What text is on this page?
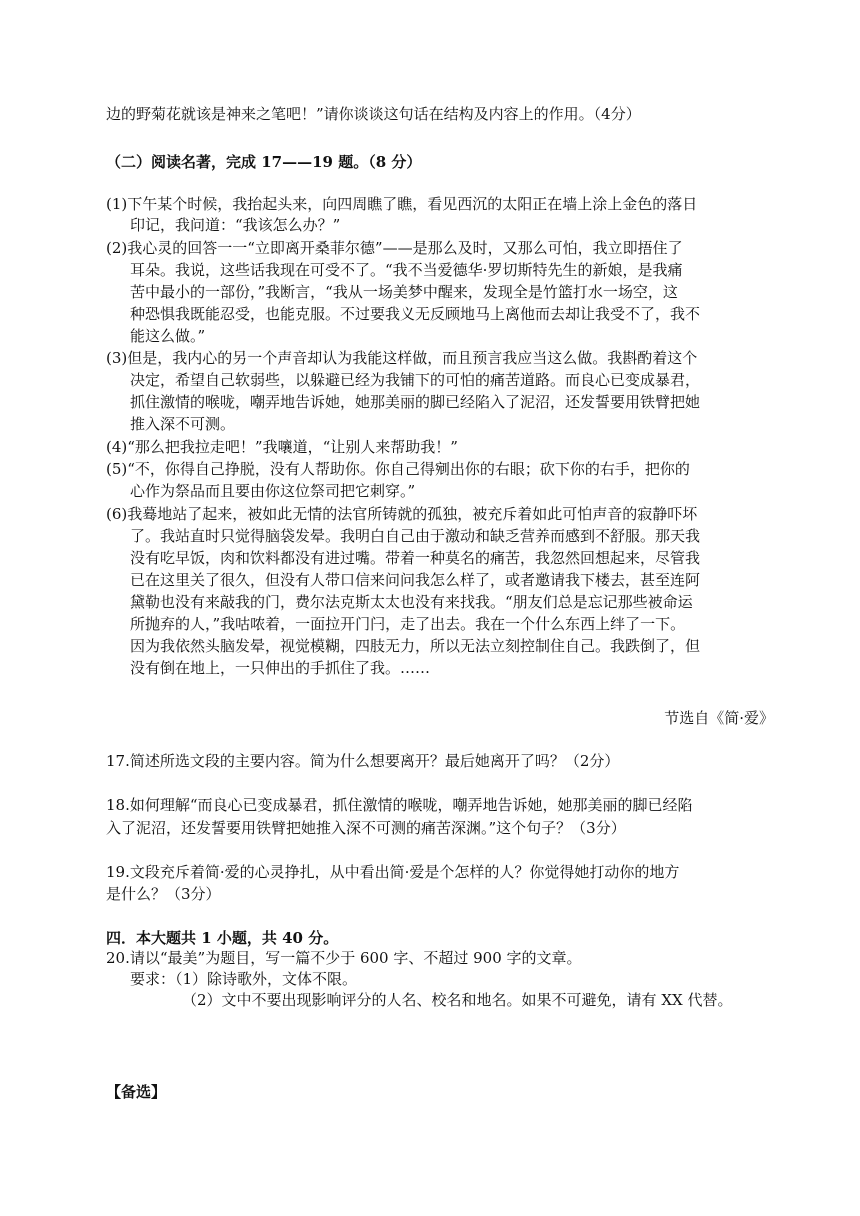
边的野菊花就该是神来之笔吧！”请你谈谈这句话在结构及内容上的作用。（4分）
（二）阅读名著，完成 17——19 题。（8 分）
(1)下午某个时候，我抬起头来，向四周瞧了瞧，看见西沉的太阳正在墙上涂上金色的落日
印记，我问道：“我该怎么办？”
(2)我心灵的回答一一“立即离开桑菲尔德”——是那么及时，又那么可怕，我立即捂住了
耳朵。我说，这些话我现在可受不了。“我不当爱德华·罗切斯特先生的新娘，是我痛
苦中最小的一部份，”我断言，“我从一场美梦中醒来，发现全是竹篮打水一场空，这
种恐惧我既能忍受，也能克服。不过要我义无反顾地马上离他而去却让我受不了，我不
能这么做。”
(3)但是，我内心的另一个声音却认为我能这样做，而且预言我应当这么做。我斟酌着这个
决定，希望自己软弱些，以躲避已经为我铺下的可怕的痛苦道路。而良心已变成暴君，
抓住激情的喉咙，嘲弄地告诉她，她那美丽的脚已经陷入了泥沼，还发誓要用铁臂把她
推入深不可测。
(4)“那么把我拉走吧！”我嚷道，“让别人来帮助我！”
(5)“不，你得自己挣脱，没有人帮助你。你自己得剜出你的右眼；砍下你的右手，把你的
心作为祭品而且要由你这位祭司把它刺穿。”
(6)我蓦地站了起来，被如此无情的法官所铸就的孤独，被充斥着如此可怕声音的寂静吓坏
了。我站直时只觉得脑袋发晕。我明白自己由于激动和缺乏营养而感到不舒服。那天我
没有吃早饭，肉和饮料都没有进过嘴。带着一种莫名的痛苦，我忽然回想起来，尽管我
已在这里关了很久，但没有人带口信来问问我怎么样了，或者邀请我下楼去，甚至连阿
黛勒也没有来敲我的门，费尔法克斯太太也没有来找我。“朋友们总是忘记那些被命运
所抛弃的人，”我咕哝着，一面拉开门闩，走了出去。我在一个什么东西上绊了一下。
因为我依然头脑发晕，视觉模糊，四肢无力，所以无法立刻控制住自己。我跌倒了，但
没有倒在地上，一只伸出的手抓住了我。……
节选自《简·爱》
17.简述所选文段的主要内容。简为什么想要离开？最后她离开了吗？（2分）
18.如何理解“而良心已变成暴君，抓住激情的喉咙，嘲弄地告诉她，她那美丽的脚已经陷
入了泥沼，还发誓要用铁臂把她推入深不可测的痛苦深渊。”这个句子？（3分）
19.文段充斥着简·爱的心灵挣扎，从中看出简·爱是个怎样的人？你觉得她打动你的地方
是什么？（3分）
四．本大题共 1 小题，共 40 分。
20.请以“最美”为题目，写一篇不少于 600 字、不超过 900 字的文章。
要求：（1）除诗歌外，文体不限。
（2）文中不要出现影响评分的人名、校名和地名。如果不可避免，请有 XX 代替。
【备选】
